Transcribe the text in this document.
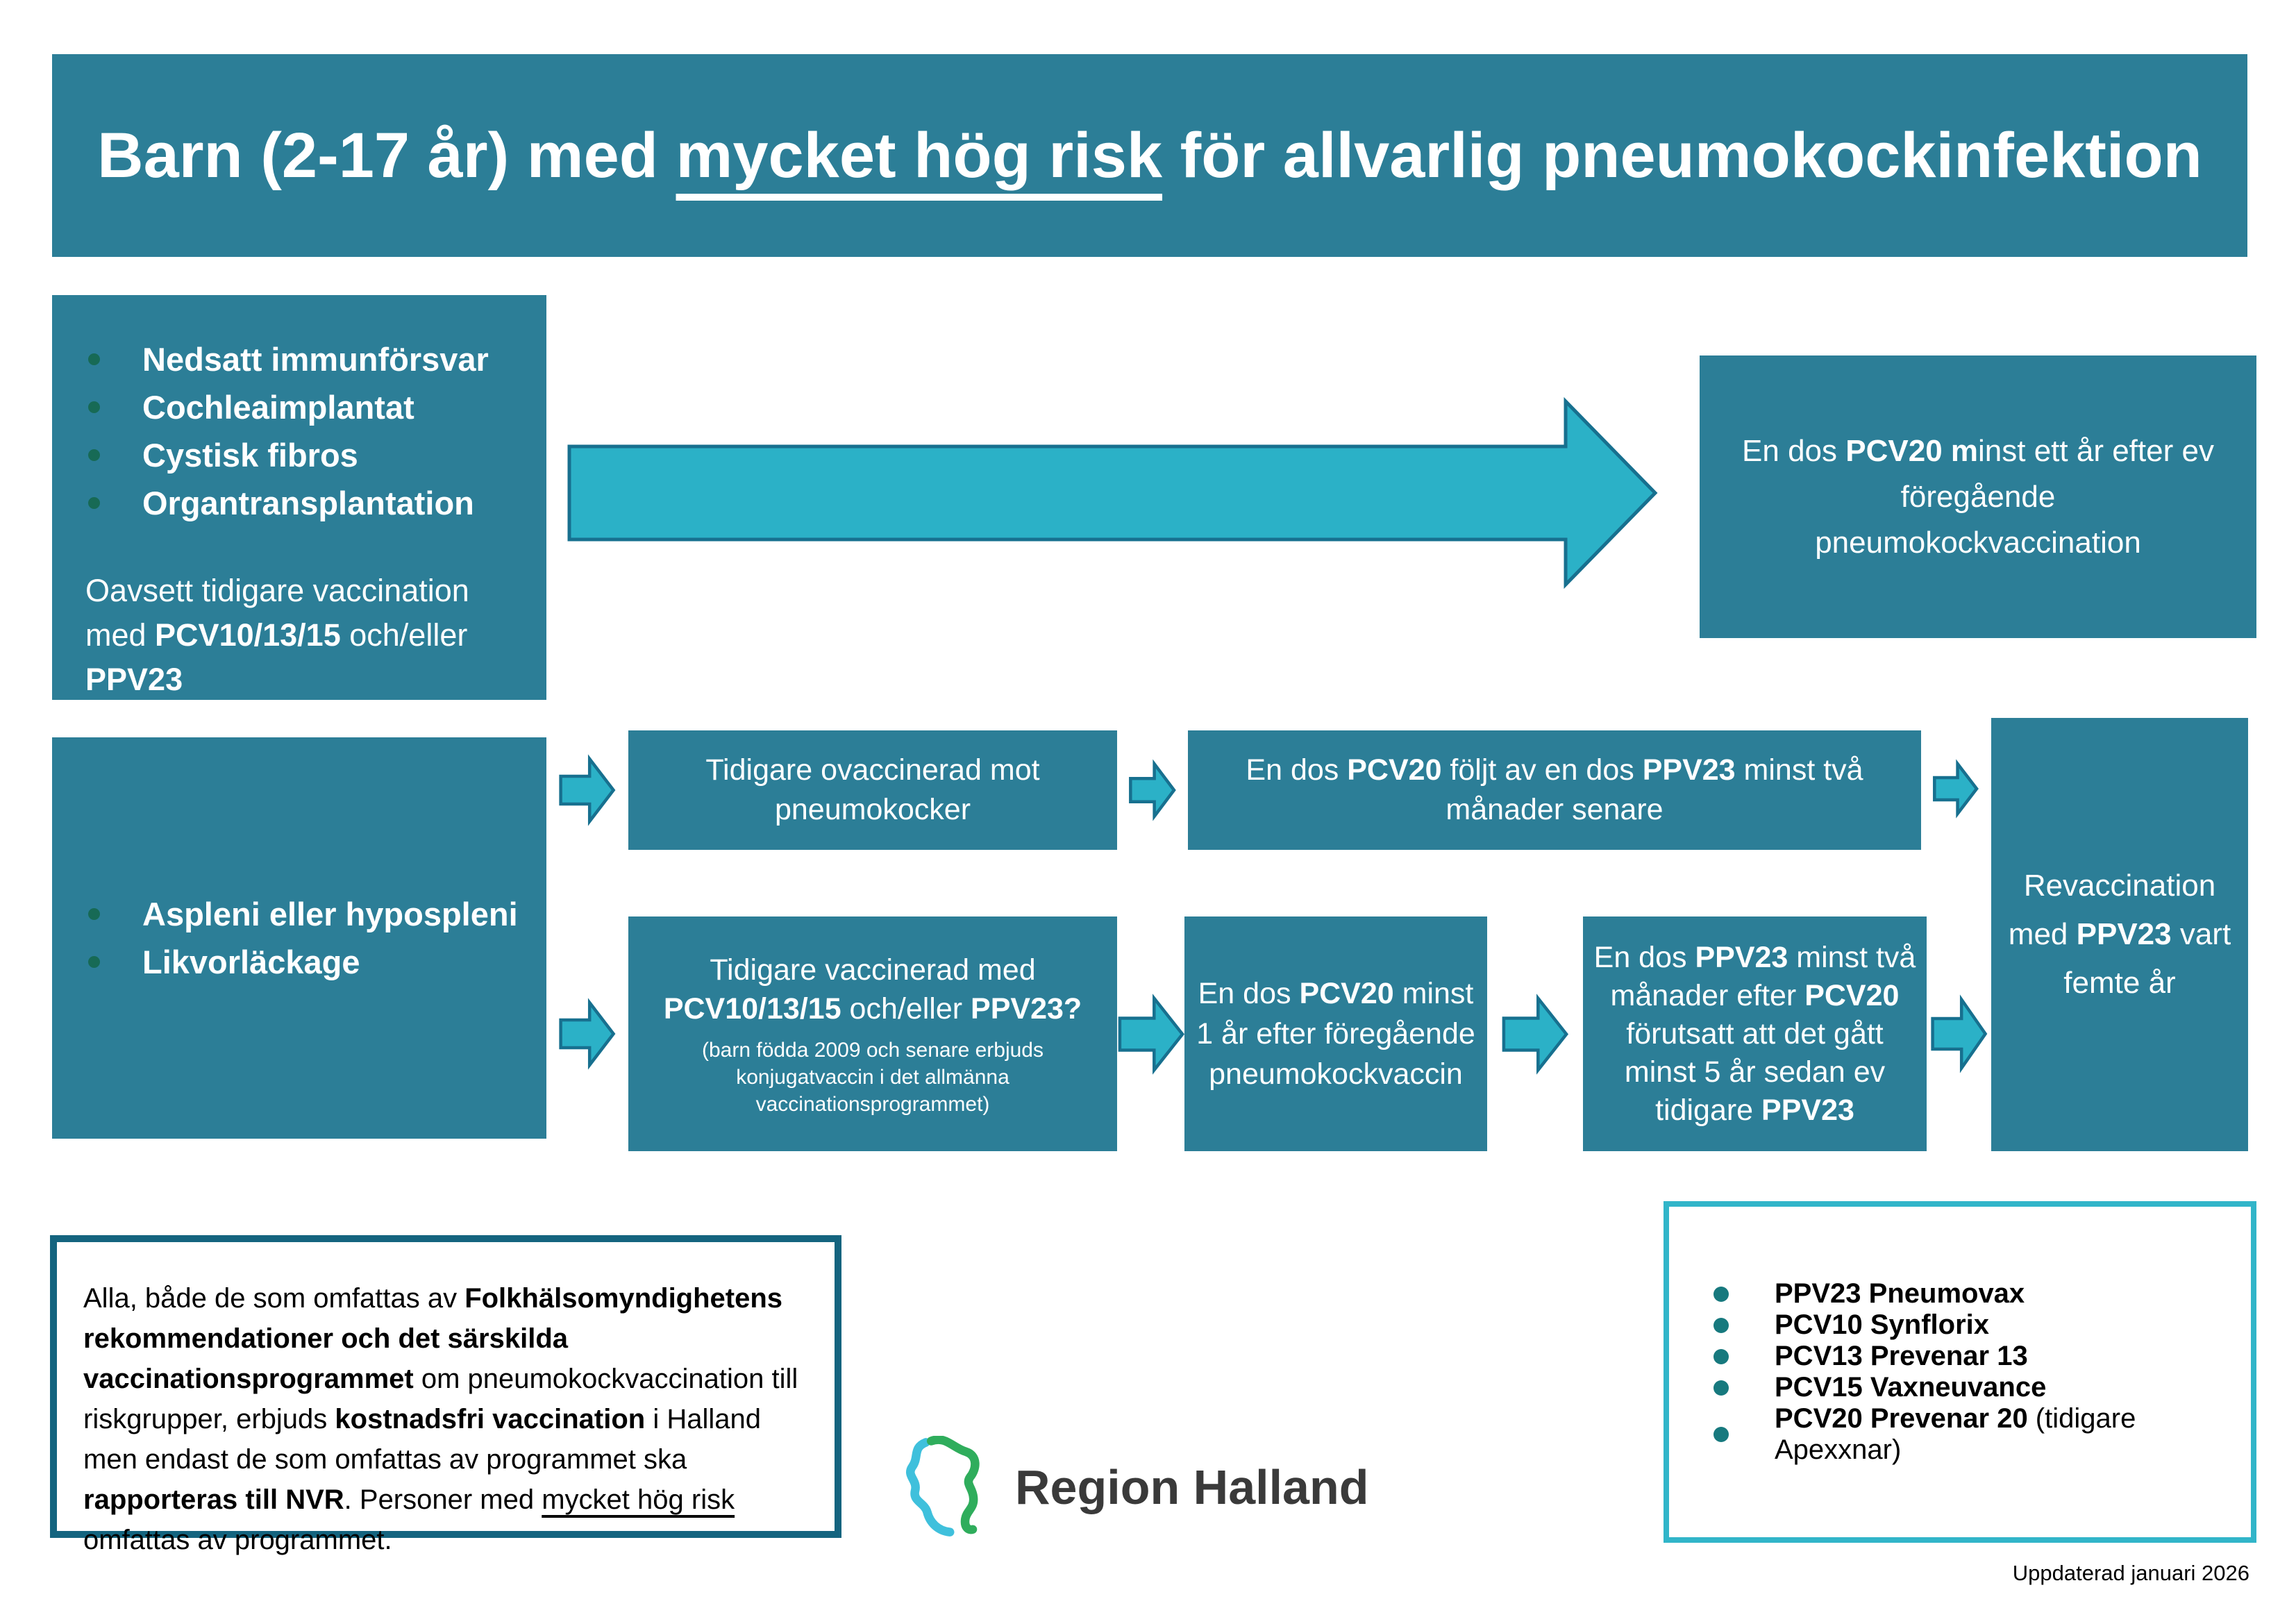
Barn (2-17 år) med mycket hög risk för allvarlig pneumokockinfektion
Nedsatt immunförsvar
Cochleaimplantat
Cystisk fibros
Organtransplantation
Oavsett tidigare vaccination med PCV10/13/15 och/eller PPV23
En dos PCV20 minst ett år efter ev föregående pneumokockvaccination
Aspleni eller hypospleni
Likvorläckage
Tidigare ovaccinerad mot pneumokocker
En dos PCV20 följt av en dos PPV23 minst två månader senare
Revaccination med PPV23 vart femte år
Tidigare vaccinerad med PCV10/13/15 och/eller PPV23?
(barn födda 2009 och senare erbjuds konjugatvaccin i det allmänna vaccinationsprogrammet)
En dos PCV20 minst 1 år efter föregående pneumokockvaccin
En dos PPV23 minst två månader efter PCV20 förutsatt att det gått minst 5 år sedan ev tidigare PPV23
Alla, både de som omfattas av Folkhälsomyndighetens rekommendationer och det särskilda vaccinationsprogrammet om pneumokockvaccination till riskgrupper, erbjuds kostnadsfri vaccination i Halland men endast de som omfattas av programmet ska rapporteras till NVR. Personer med mycket hög risk omfattas av programmet.
Region Halland
PPV23 Pneumovax
PCV10 Synflorix
PCV13 Prevenar 13
PCV15 Vaxneuvance
PCV20 Prevenar 20 (tidigare Apexxnar)
Uppdaterad januari 2026
